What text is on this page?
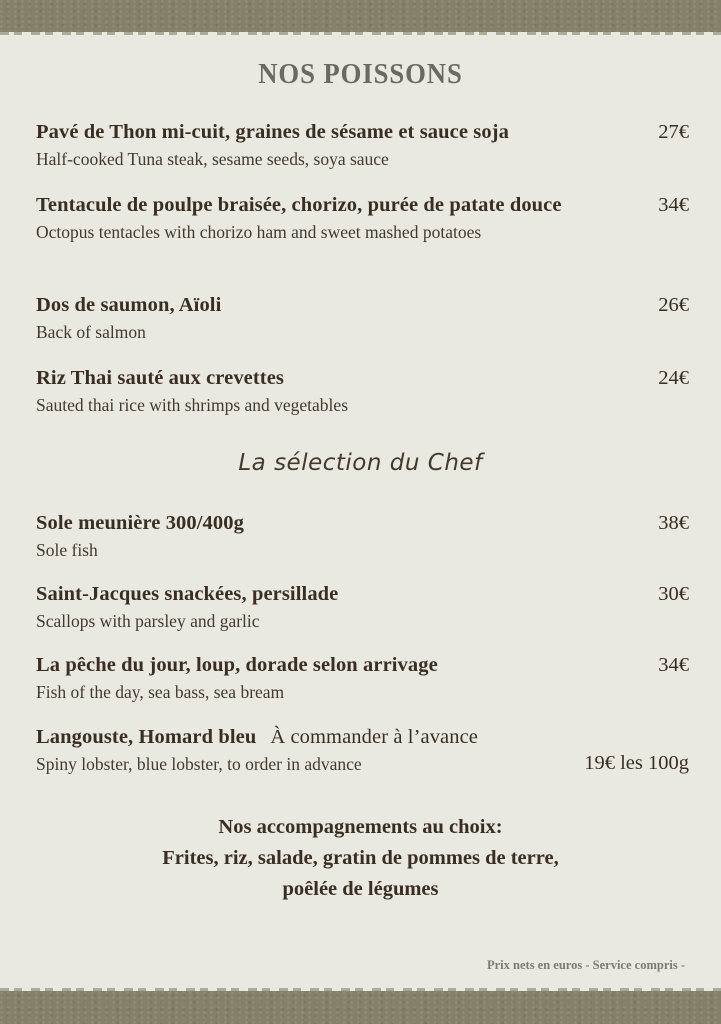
NOS POISSONS
Pavé de Thon mi-cuit, graines de sésame et sauce soja
Half-cooked Tuna steak, sesame seeds, soya sauce
27€
Tentacule de poulpe braisée, chorizo, purée de patate douce
Octopus tentacles with chorizo ham and sweet mashed potatoes
34€
Dos de saumon, Aïoli
Back of salmon
26€
Riz Thai sauté aux crevettes
Sauted thai rice with shrimps and vegetables
24€
La sélection du Chef
Sole meunière 300/400g
Sole fish
38€
Saint-Jacques snackées, persillade
Scallops with parsley and garlic
30€
La pêche du jour, loup, dorade selon arrivage
Fish of the day, sea bass, sea bream
34€
Langouste, Homard bleu À commander à l’avance
Spiny lobster, blue lobster, to order in advance	19€ les 100g
Nos accompagnements au choix:
Frites, riz, salade, gratin de pommes de terre,
poêlée de légumes
Prix nets en euros - Service compris -
